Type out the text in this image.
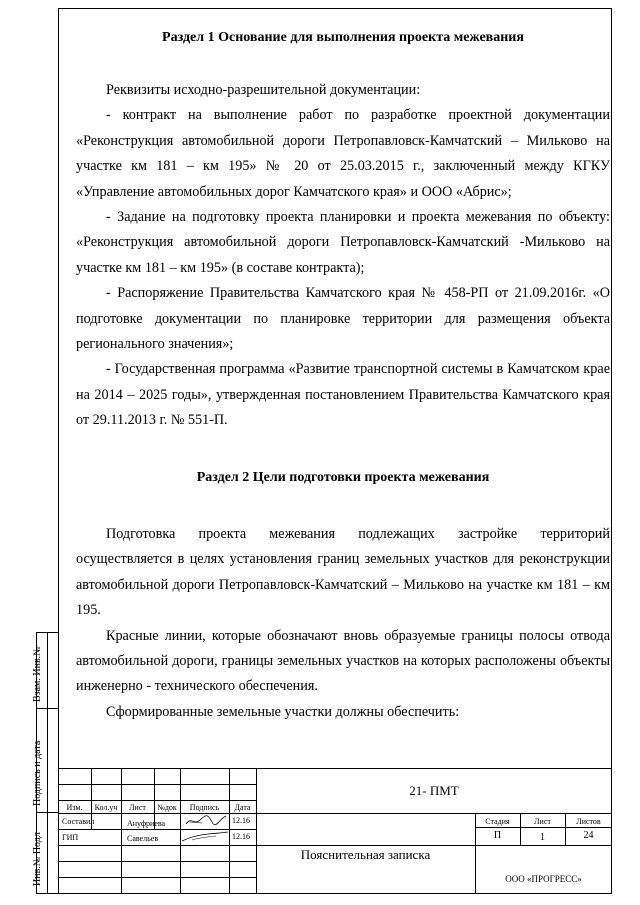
Взам. Инв.№
Подпись и дата
Инв.№ Подл
Раздел 1 Основание для выполнения проекта межевания

Реквизиты исходно-разрешительной документации:

- контракт на выполнение работ по разработке проектной документации «Реконструкция автомобильной дороги Петропавловск-Камчатский – Мильково на участке км 181 – км 195» № 20 от 25.03.2015 г., заключенный между КГКУ «Управление автомобильных дорог Камчатского края» и ООО «Абрис»;

- Задание на подготовку проекта планировки и проекта межевания по объекту: «Реконструкция автомобильной дороги Петропавловск-Камчатский -Мильково на участке км 181 – км 195» (в составе контракта);

- Распоряжение Правительства Камчатского края № 458-РП от 21.09.2016г. «О подготовке документации по планировке территории для размещения объекта регионального значения»;

- Государственная программа «Развитие транспортной системы в Камчатском крае на 2014 – 2025 годы», утвержденная постановлением Правительства Камчатского края от 29.11.2013 г. № 551-П.

Раздел 2 Цели подготовки проекта межевания

Подготовка проекта межевания подлежащих застройке территорий осуществляется в целях установления границ земельных участков для реконструкции автомобильной дороги Петропавловск-Камчатский – Мильково на участке км 181 – км 195.

Красные линии, которые обозначают вновь образуемые границы полосы отвода автомобильной дороги, границы земельных участков на которых расположены объекты инженерно - технического обеспечения.

Сформированные земельные участки должны обеспечить:

Изм.	Кол.уч	Лист	№док	Подпись	Дата
Составил	Ануфриева	12.16
ГИП	Савельев	12.16
21- ПМТ
Пояснительная записка
Стадия	Лист	Листов
П	1	24
ООО «ПРОГРЕСС»
